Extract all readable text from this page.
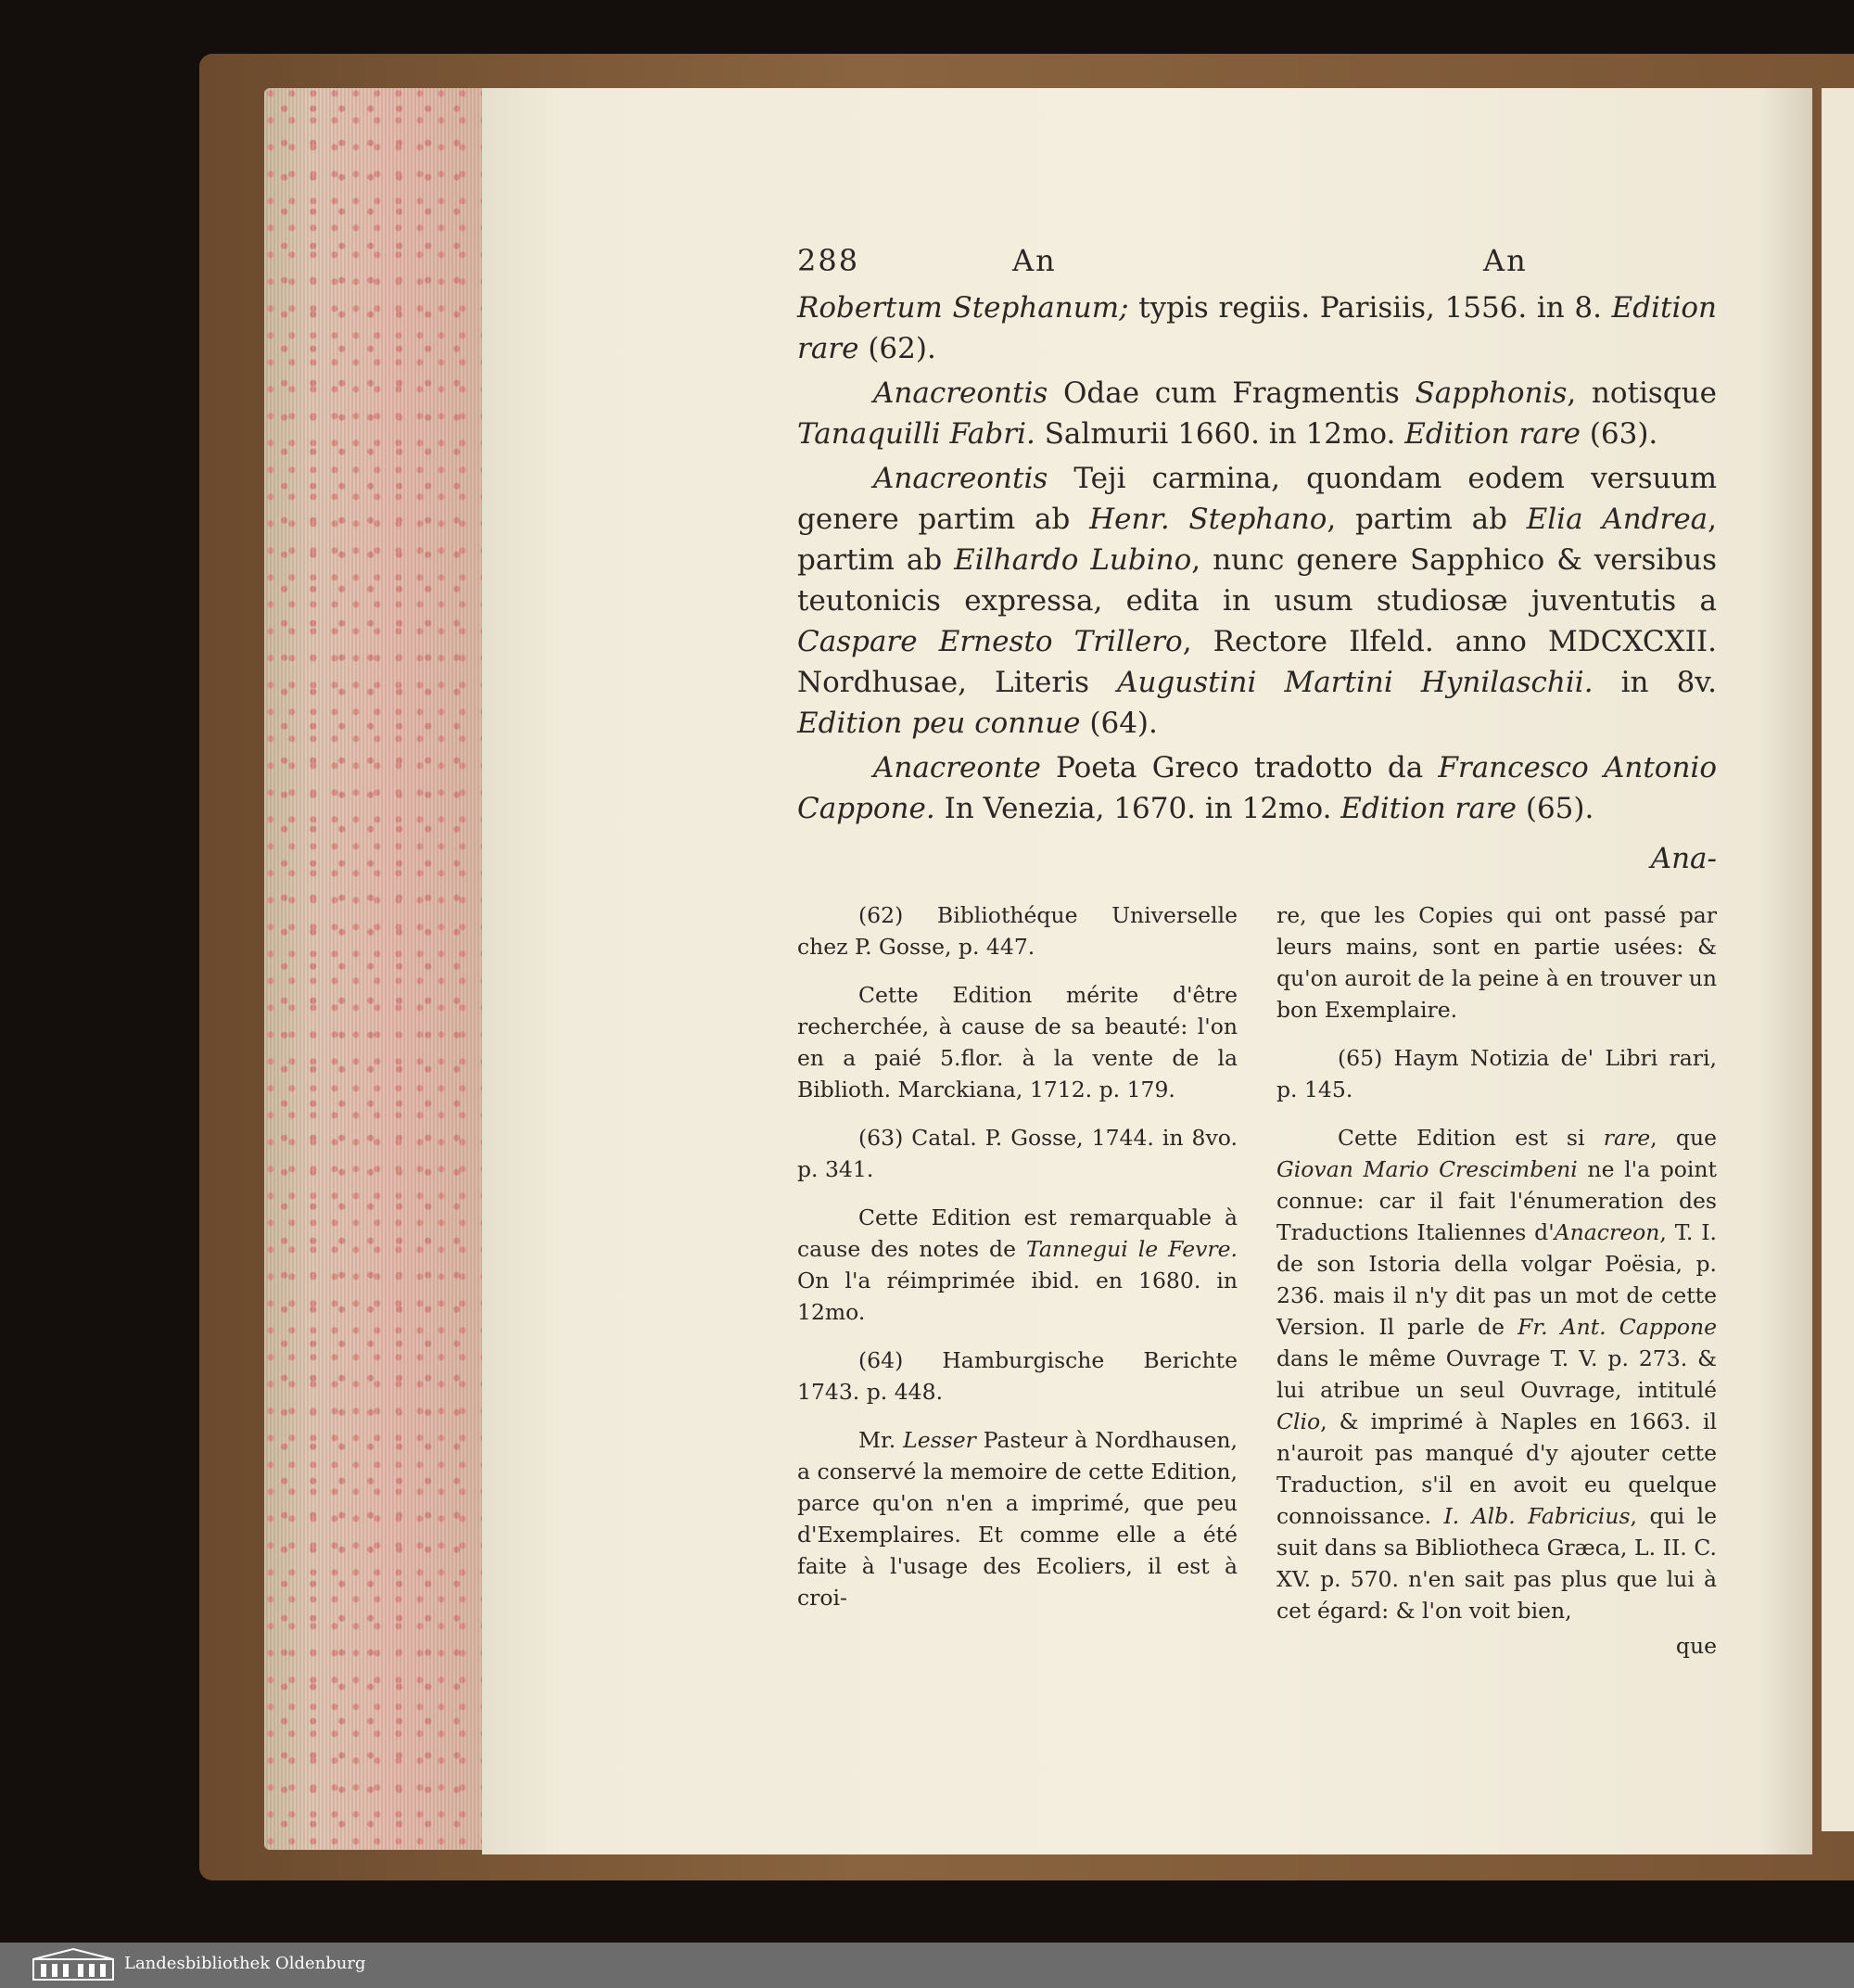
288	An	An

Robertum Stephanum; typis regiis. Parisiis, 1556. in 8. Edition rare (62).

Anacreontis Odae cum Fragmentis Sapphonis, notisque Tanaquilli Fabri. Salmurii 1660. in 12mo. Edition rare (63).

Anacreontis Teji carmina, quondam eodem versuum genere partim ab Henr. Stephano, partim ab Elia Andrea, partim ab Eilhardo Lubino, nunc genere Sapphico & versibus teutonicis expressa, edita in usum studiosæ juventutis a Caspare Ernesto Trillero, Rectore Ilfeld. anno MDCXCXII. Nordhusae, Literis Augustini Martini Hynilaschii. in 8v. Edition peu connue (64).

Anacreonte Poeta Greco tradotto da Francesco Antonio Cappone. In Venezia, 1670. in 12mo. Edition rare (65).

Ana-

(62) Bibliothéque Universelle chez P. Gosse, p. 447.

Cette Edition mérite d'être recherchée, à cause de sa beauté: l'on en a paié 5.flor. à la vente de la Biblioth. Marckiana, 1712. p. 179.

(63) Catal. P. Gosse, 1744. in 8vo. p. 341.

Cette Edition est remarquable à cause des notes de Tannegui le Fevre. On l'a réimprimée ibid. en 1680. in 12mo.

(64) Hamburgische Berichte 1743. p. 448.

Mr. Lesser Pasteur à Nordhausen, a conservé la memoire de cette Edition, parce qu'on n'en a imprimé, que peu d'Exemplaires. Et comme elle a été faite à l'usage des Ecoliers, il est à croi-

re, que les Copies qui ont passé par leurs mains, sont en partie usées: & qu'on auroit de la peine à en trouver un bon Exemplaire.

(65) Haym Notizia de' Libri rari, p. 145.

Cette Edition est si rare, que Giovan Mario Crescimbeni ne l'a point connue: car il fait l'énumeration des Traductions Italiennes d'Anacreon, T. I. de son Istoria della volgar Poësia, p. 236. mais il n'y dit pas un mot de cette Version. Il parle de Fr. Ant. Cappone dans le même Ouvrage T. V. p. 273. & lui atribue un seul Ouvrage, intitulé Clio, & imprimé à Naples en 1663. il n'auroit pas manqué d'y ajouter cette Traduction, s'il en avoit eu quelque connoissance. I. Alb. Fabricius, qui le suit dans sa Bibliotheca Græca, L. II. C. XV. p. 570. n'en sait pas plus que lui à cet égard: & l'on voit bien,

que
Landesbibliothek Oldenburg
